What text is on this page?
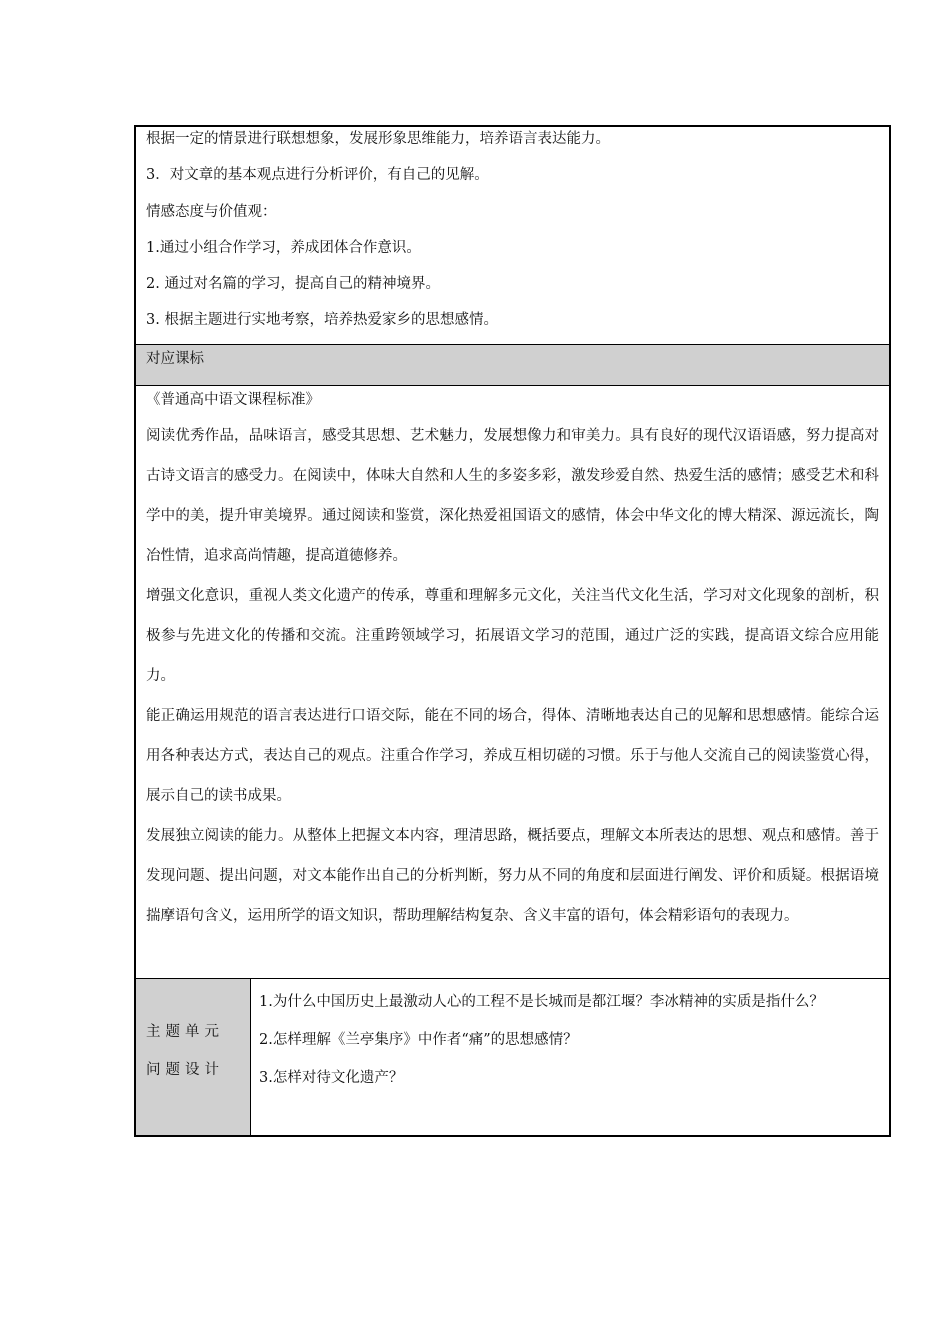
根据一定的情景进行联想想象，发展形象思维能力，培养语言表达能力。

3．对文章的基本观点进行分析评价，有自己的见解。

情感态度与价值观：

1.通过小组合作学习，养成团体合作意识。

2. 通过对名篇的学习，提高自己的精神境界。

3. 根据主题进行实地考察，培养热爱家乡的思想感情。

对应课标

《普通高中语文课程标准》

阅读优秀作品，品味语言，感受其思想、艺术魅力，发展想像力和审美力。具有良好的现代汉语语感，努力提高对古诗文语言的感受力。在阅读中，体味大自然和人生的多姿多彩，激发珍爱自然、热爱生活的感情；感受艺术和科学中的美，提升审美境界。通过阅读和鉴赏，深化热爱祖国语文的感情，体会中华文化的博大精深、源远流长，陶冶性情，追求高尚情趣，提高道德修养。

增强文化意识，重视人类文化遗产的传承，尊重和理解多元文化，关注当代文化生活，学习对文化现象的剖析，积极参与先进文化的传播和交流。注重跨领域学习，拓展语文学习的范围，通过广泛的实践，提高语文综合应用能力。

能正确运用规范的语言表达进行口语交际，能在不同的场合，得体、清晰地表达自己的见解和思想感情。能综合运用各种表达方式，表达自己的观点。注重合作学习，养成互相切磋的习惯。乐于与他人交流自己的阅读鉴赏心得，展示自己的读书成果。

发展独立阅读的能力。从整体上把握文本内容，理清思路，概括要点，理解文本所表达的思想、观点和感情。善于发现问题、提出问题，对文本能作出自己的分析判断，努力从不同的角度和层面进行阐发、评价和质疑。根据语境揣摩语句含义，运用所学的语文知识，帮助理解结构复杂、含义丰富的语句，体会精彩语句的表现力。

主题单元问题设计

1.为什么中国历史上最激动人心的工程不是长城而是都江堰？李冰精神的实质是指什么？

2.怎样理解《兰亭集序》中作者“痛”的思想感情？

3.怎样对待文化遗产？
